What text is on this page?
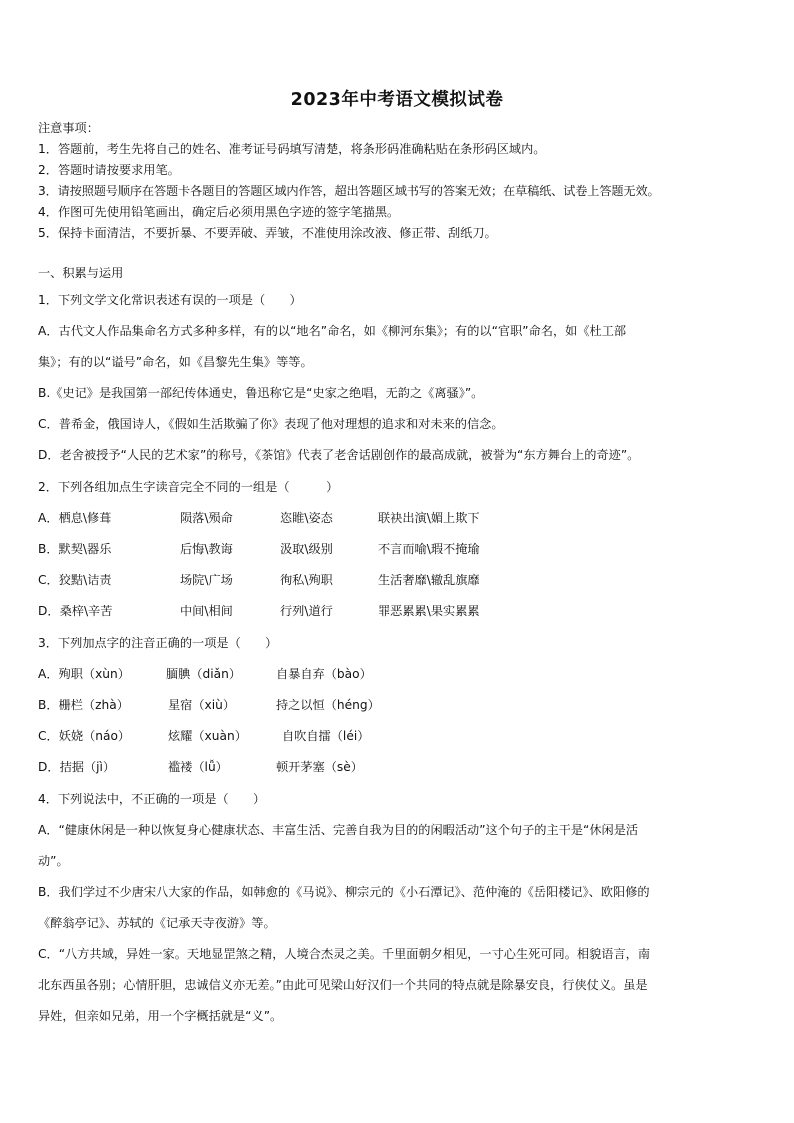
2023年中考语文模拟试卷
注意事项：
1．答题前，考生先将自己的姓名、准考证号码填写清楚，将条形码准确粘贴在条形码区域内。
2．答题时请按要求用笔。
3．请按照题号顺序在答题卡各题目的答题区域内作答，超出答题区域书写的答案无效；在草稿纸、试卷上答题无效。
4．作图可先使用铅笔画出，确定后必须用黑色字迹的签字笔描黑。
5．保持卡面清洁，不要折暴、不要弄破、弄皱，不准使用涂改液、修正带、刮纸刀。
一、积累与运用
1．下列文学文化常识表述有误的一项是（　　）
A．古代文人作品集命名方式多种多样，有的以“地名”命名，如《柳河东集》；有的以“官职”命名，如《杜工部
集》；有的以“谥号”命名，如《昌黎先生集》等等。
B.《史记》是我国第一部纪传体通史，鲁迅称它是“史家之绝唱，无韵之《离骚》”。
C．普希金，俄国诗人，《假如生活欺骗了你》表现了他对理想的追求和对未来的信念。
D．老舍被授予“人民的艺术家”的称号，《茶馆》代表了老舍话剧创作的最高成就，被誉为“东方舞台上的奇迹”。
2．下列各组加点生字读音完全不同的一组是（　　　）
A．栖息\修葺	陨落\殒命	恣睢\姿态	联袂出演\媚上欺下
B．默契\器乐	后悔\教诲	汲取\级别	不言而喻\瑕不掩瑜
C．狡黠\诘责	场院\广场	徇私\殉职	生活奢靡\辙乱旗靡
D．桑梓\辛苦	中间\相间	行列\道行	罪恶累累\果实累累
3．下列加点字的注音正确的一项是（　　）
A．殉职（xùn）	腼腆（diǎn）	自暴自弃（bào）
B．栅栏（zhà）	星宿（xiù）	持之以恒（héng）
C．妖娆（náo）	炫耀（xuàn）	自吹自擂（léi）
D．拮据（jì）	褴褛（lǚ）	顿开茅塞（sè）
4．下列说法中，不正确的一项是（　　）
A．“健康休闲是一种以恢复身心健康状态、丰富生活、完善自我为目的的闲暇活动”这个句子的主干是“休闲是活
动”。
B．我们学过不少唐宋八大家的作品，如韩愈的《马说》、柳宗元的《小石潭记》、范仲淹的《岳阳楼记》、欧阳修的
《醉翁亭记》、苏轼的《记承天寺夜游》等。
C．“八方共域，异姓一家。天地显罡煞之精，人境合杰灵之美。千里面朝夕相见，一寸心生死可同。相貌语言，南
北东西虽各别；心情肝胆，忠诚信义亦无差。”由此可见梁山好汉们一个共同的特点就是除暴安良，行侠仗义。虽是
异姓，但亲如兄弟，用一个字概括就是“义”。
